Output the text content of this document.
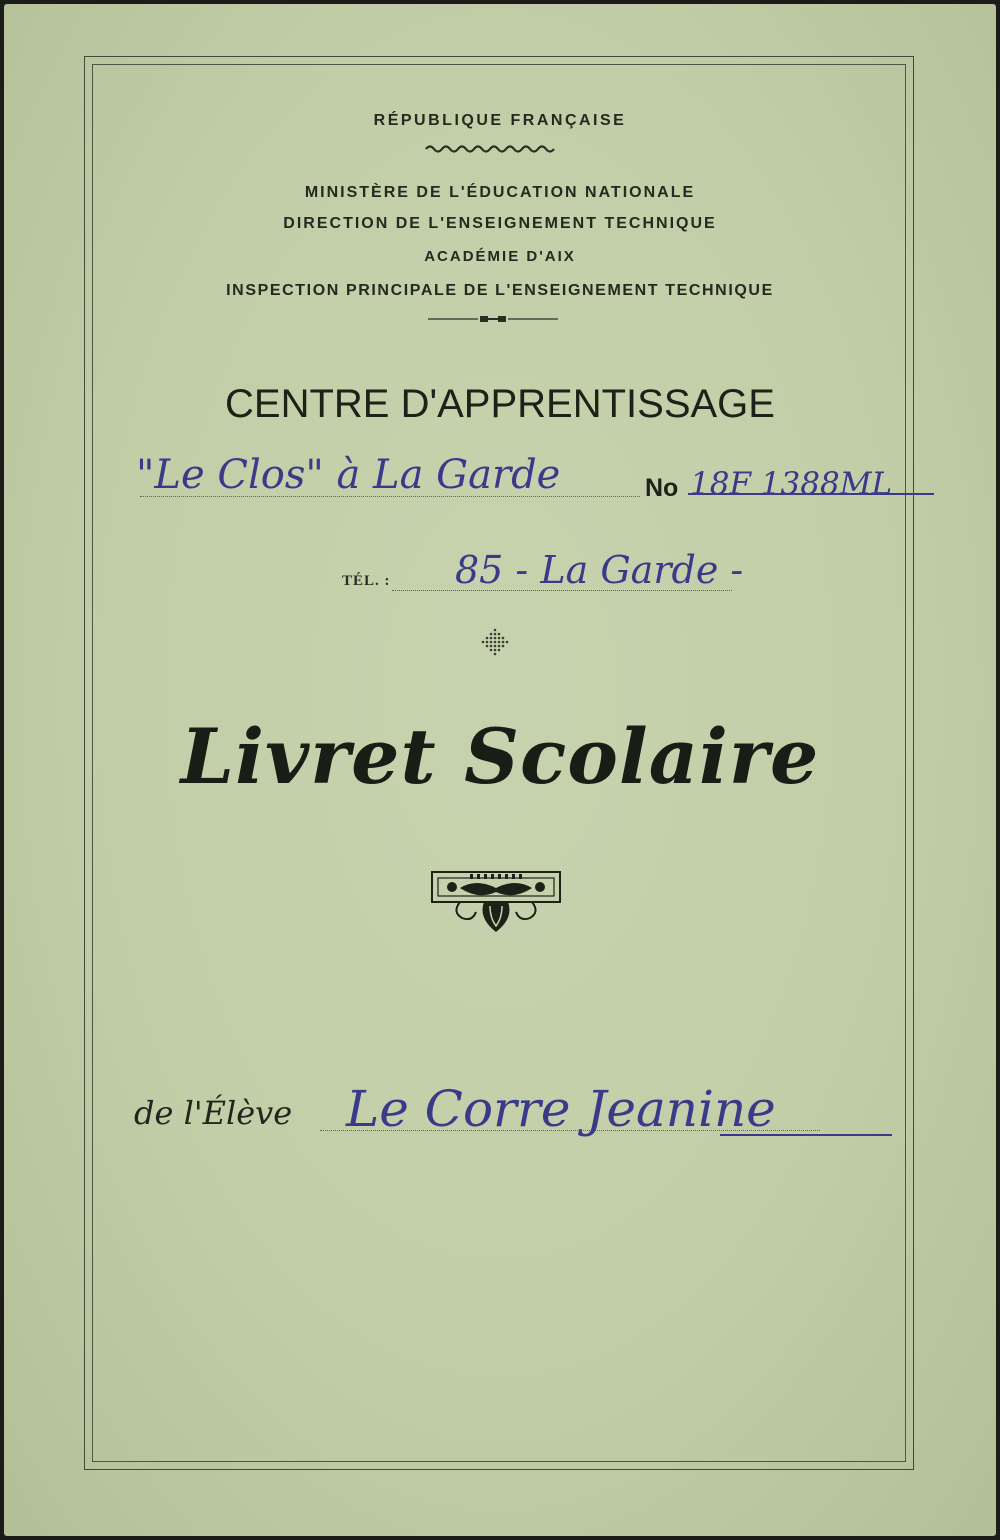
RÉPUBLIQUE FRANÇAISE
MINISTÈRE DE L'ÉDUCATION NATIONALE
DIRECTION DE L'ENSEIGNEMENT TECHNIQUE
ACADÉMIE D'AIX
INSPECTION PRINCIPALE DE L'ENSEIGNEMENT TECHNIQUE
CENTRE D'APPRENTISSAGE
"Le Clos" à La Garde	No 18F 1388ML
TÉL. : 85 - La Garde -
Livret Scolaire
de l'Élève Le Corre Jeanine
